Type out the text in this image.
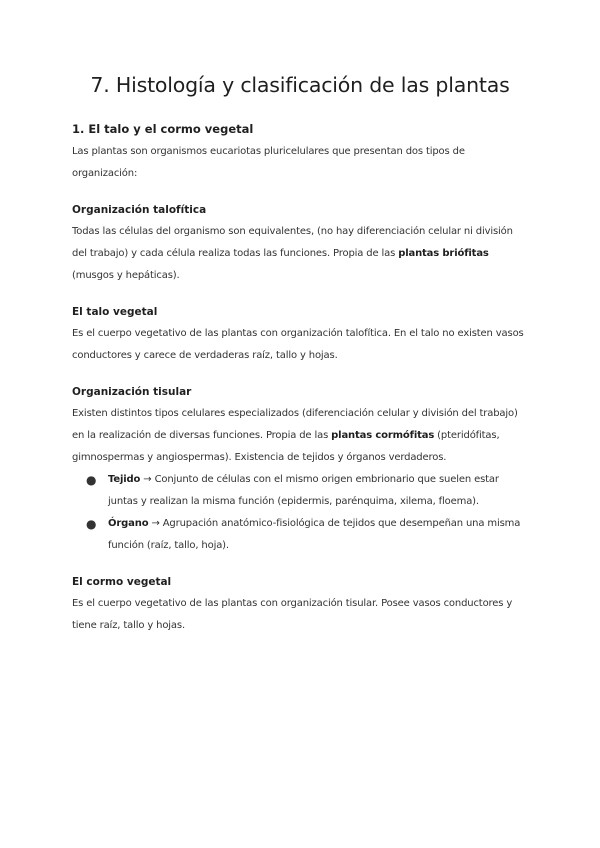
7. Histología y clasificación de las plantas
1. El talo y el cormo vegetal

Las plantas son organismos eucariotas pluricelulares que presentan dos tipos de organización:

Organización talofítica

Todas las células del organismo son equivalentes, (no hay diferenciación celular ni división del trabajo) y cada célula realiza todas las funciones. Propia de las plantas briófitas (musgos y hepáticas).

El talo vegetal

Es el cuerpo vegetativo de las plantas con organización talofítica. En el talo no existen vasos conductores y carece de verdaderas raíz, tallo y hojas.

Organización tisular

Existen distintos tipos celulares especializados (diferenciación celular y división del trabajo) en la realización de diversas funciones. Propia de las plantas cormófitas (pteridófitas, gimnospermas y angiospermas). Existencia de tejidos y órganos verdaderos.

● Tejido → Conjunto de células con el mismo origen embrionario que suelen estar juntas y realizan la misma función (epidermis, parénquima, xilema, floema).
● Órgano → Agrupación anatómico-fisiológica de tejidos que desempeñan una misma función (raíz, tallo, hoja).
El cormo vegetal

Es el cuerpo vegetativo de las plantas con organización tisular. Posee vasos conductores y tiene raíz, tallo y hojas.
